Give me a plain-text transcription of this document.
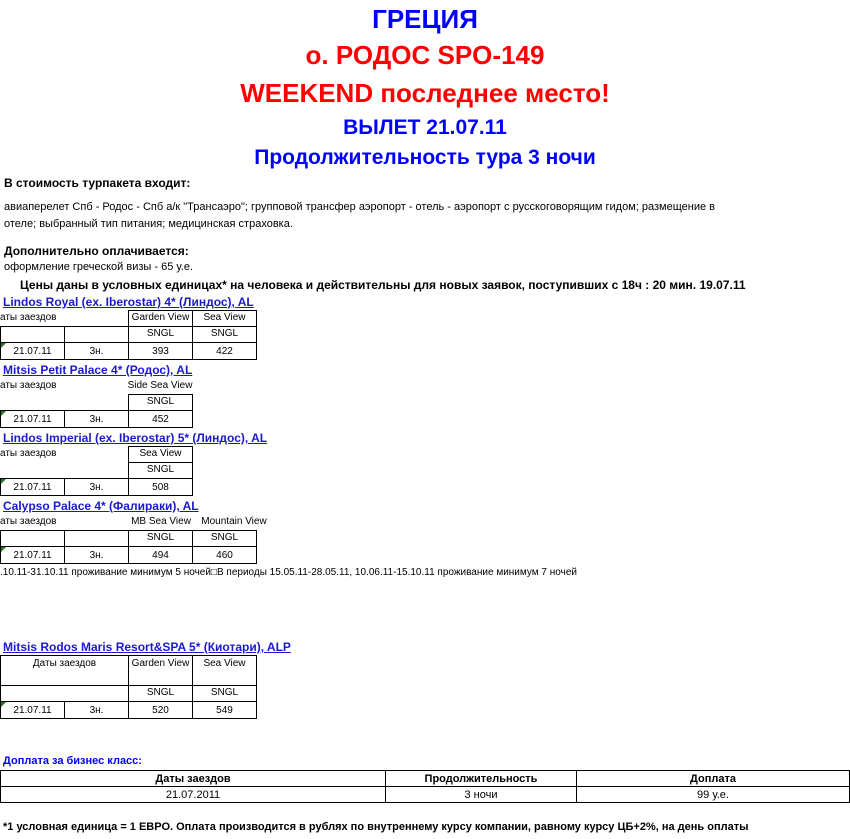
ГРЕЦИЯ
о. РОДОС SPO-149
WEEKEND последнее место!
ВЫЛЕТ 21.07.11
Продолжительность тура 3 ночи
В стоимость турпакета входит:
авиаперелет Спб - Родос - Спб а/к "Трансаэро"; групповой трансфер аэропорт - отель - аэропорт с русскоговорящим гидом; размещение в
отеле; выбранный тип питания; медицинская страховка.
Дополнительно оплачивается:
оформление греческой визы - 65 у.е.
Цены даны в условных единицах* на человека и действительны для новых заявок, поступивших с 18ч : 20 мин. 19.07.11
Lindos Royal (ex. Iberostar) 4* (Линдос), AL
аты заездов	Garden View	Sea View
SNGL	SNGL
21.07.11	3н.	393	422
Mitsis Petit Palace 4* (Родос), AL
аты заездов	Side Sea View
SNGL
21.07.11	3н.	452
Lindos Imperial (ex. Iberostar) 5* (Линдос), AL
аты заездов	Sea View
SNGL
21.07.11	3н.	508
Calypso Palace 4* (Фалираки), AL
аты заездов	MB Sea View	Mountain View
SNGL	SNGL
21.07.11	3н.	494	460
.10.11-31.10.11 проживание минимум 5 ночей□В периоды 15.05.11-28.05.11, 10.06.11-15.10.11 проживание минимум 7 ночей
Mitsis Rodos Maris Resort&SPA 5* (Киотари), ALP
Даты заездов	Garden View	Sea View
SNGL	SNGL
21.07.11	3н.	520	549
Доплата за бизнес класс:
Даты заездов	Продолжительность	Доплата
21.07.2011	3 ночи	99 у.е.
*1 условная единица = 1 ЕВРО. Оплата производится в рублях по внутреннему курсу компании, равному курсу ЦБ+2%, на день оплаты
